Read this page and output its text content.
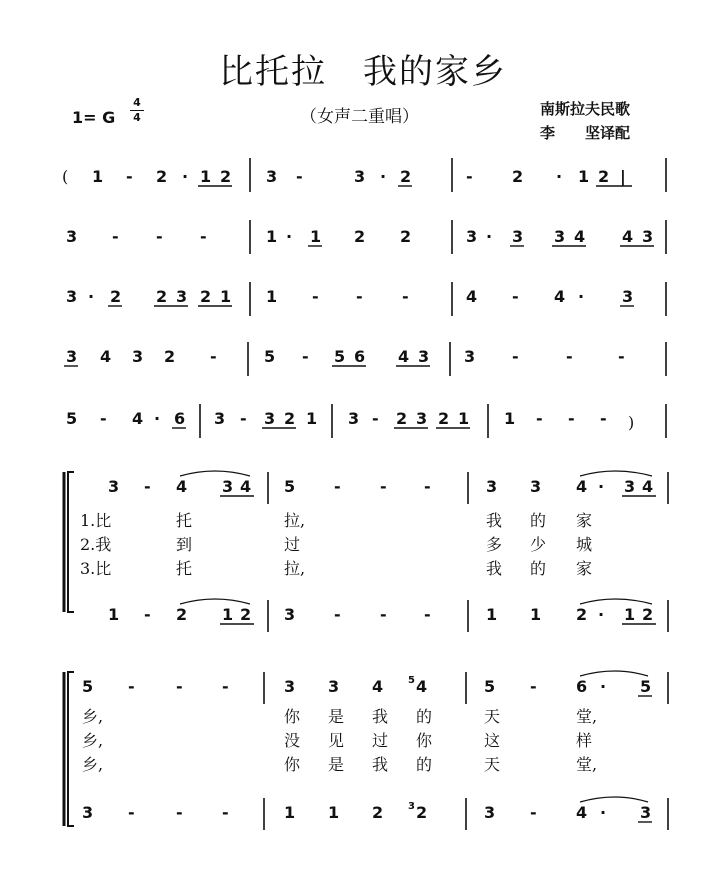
比托拉　我的家乡
1= G
4
4	（女声二重唱）	南斯拉夫民歌
李　　坚译配
( 1 - 2 · 1 2 3 -	3 · 2	- 2 · 1 2 |
3 - - -	1 · 1 2 2	3 · 3 3 4 4 3
3 · 2 2 3 2 1 1 - - -	4 - 4 · 3
3 4 3 2 -	5 - 5 6 4 3 3 -	-	-
5 - 4 · 6 3 - 3 2 1 3 - 2 3 2 1 1 - - - )
3 - 4 3 4 5 - - -	3 3 4 · 3 4
1.比	托	拉,	我 的 家
2.我	到	过	多 少 城
3.比	托	拉,	我 的 家
1 - 2 1 2 3 - - -	1 1 2 · 1 2
5 -	- -	3 3 4 5 4	5 - 6 · 5
乡,	你 是 我 的	天	堂,
乡,	没 见 过 你	这	样
乡,	你 是 我 的	天	堂,
3 -	- -	1 1 2 3 2	3 - 4 · 3
